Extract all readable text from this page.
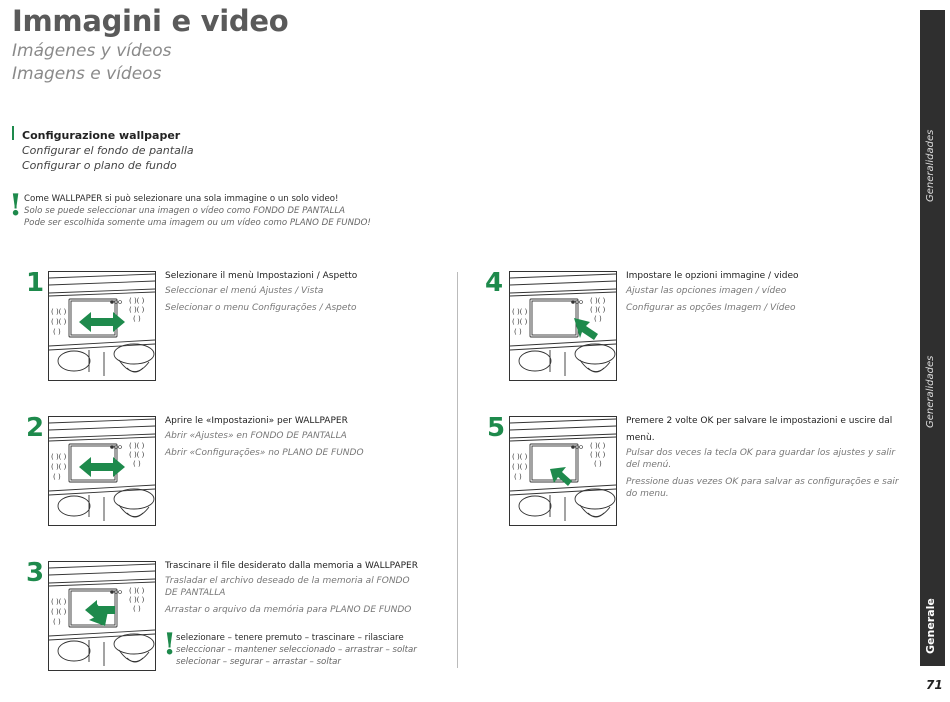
Immagini e video
Imágenes y vídeos
Imagens e vídeos
Configurazione wallpaper
Configurar el fondo de pantalla
Configurar o plano de fundo
! Come WALLPAPER si può selezionare una sola immagine o un solo video!
Solo se puede seleccionar una imagen o vídeo como FONDO DE PANTALLA
Pode ser escolhida somente uma imagem ou um vídeo como PLANO DE FUNDO!
1
( )( )
( )( )
( )
( )( )
( )( )
( )
Selezionare il menù Impostazioni / Aspetto
Seleccionar el menú Ajustes / Vista
Selecionar o menu Configurações / Aspeto
2
( )( )
( )( )
( )
( )( )
( )( )
( )
Aprire le «Impostazioni» per WALLPAPER
Abrir «Ajustes» en FONDO DE PANTALLA
Abrir «Configurações» no PLANO DE FUNDO
3
( )( )
( )( )
( )
( )( )
( )( )
( )
Trascinare il file desiderato dalla memoria a WALLPAPER
Trasladar el archivo deseado de la memoria al FONDO DE PANTALLA
Arrastar o arquivo da memória para PLANO DE FUNDO
! selezionare – tenere premuto – trascinare – rilasciare
seleccionar – mantener seleccionado – arrastrar – soltar
selecionar – segurar – arrastar – soltar
4
( )( )
( )( )
( )
( )( )
( )( )
( )
Impostare le opzioni immagine / video
Ajustar las opciones imagen / vídeo
Configurar as opções Imagem / Vídeo
5
( )( )
( )( )
( )
( )( )
( )( )
( )
Premere 2 volte OK per salvare le impostazioni e uscire dal menù.
Pulsar dos veces la tecla OK para guardar los ajustes y salir del menú.
Pressione duas vezes OK para salvar as configurações e sair do menu.
Generalidades
Generalidades
Generale
71
